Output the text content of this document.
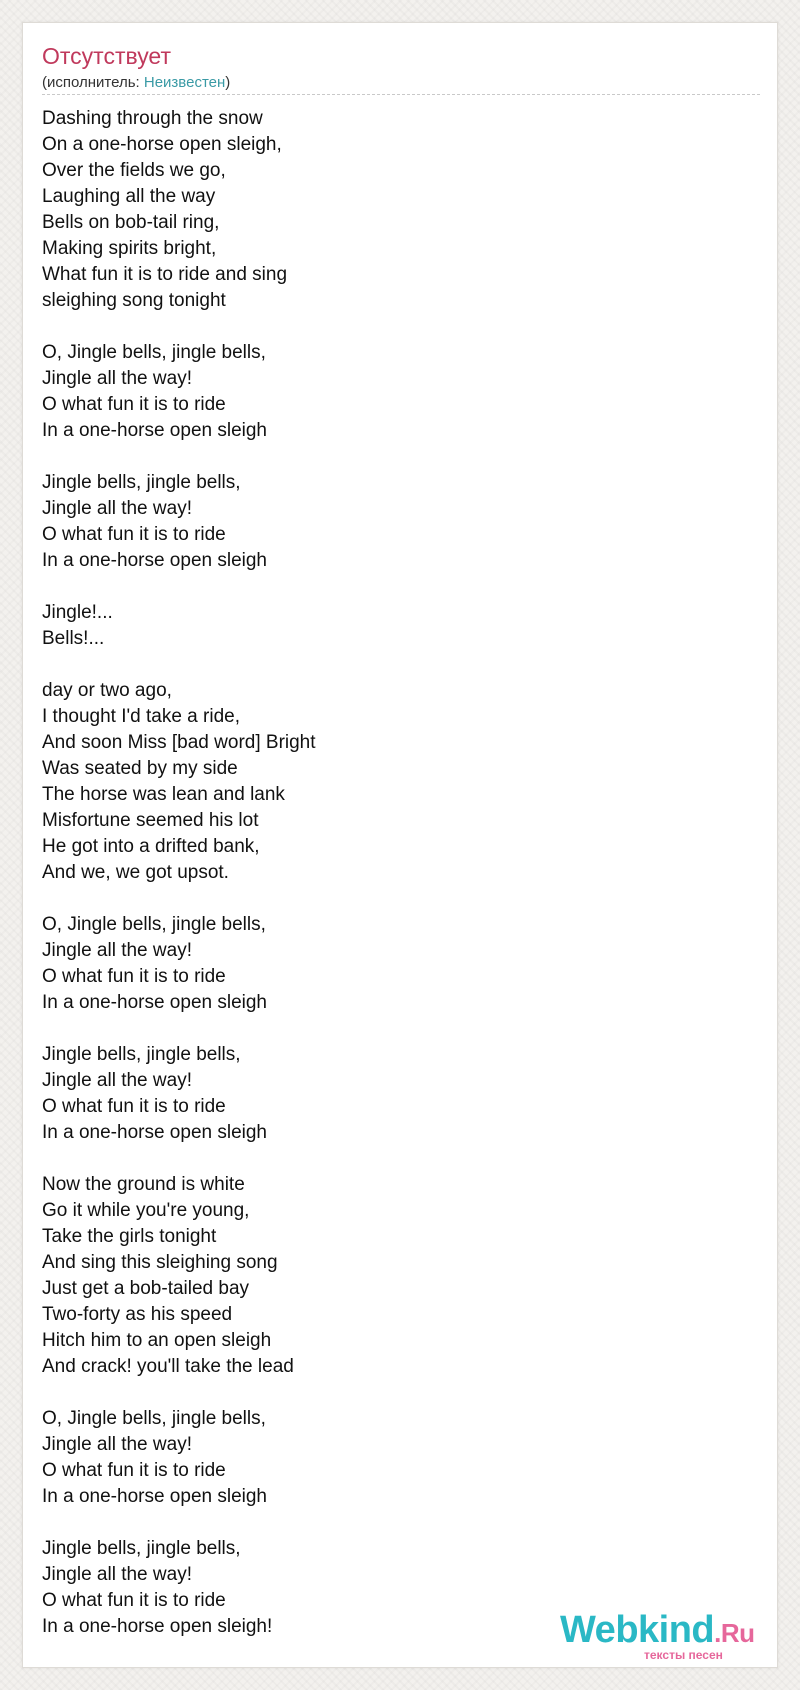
Отсутствует
(исполнитель: Неизвестен)
Dashing through the snow
On a one-horse open sleigh,
Over the fields we go,
Laughing all the way
Bells on bob-tail ring,
Making spirits bright,
What fun it is to ride and sing
sleighing song tonight
O, Jingle bells, jingle bells,
Jingle all the way!
O what fun it is to ride
In a one-horse open sleigh
Jingle bells, jingle bells,
Jingle all the way!
O what fun it is to ride
In a one-horse open sleigh
Jingle!...
Bells!...
day or two ago,
I thought I'd take a ride,
And soon Miss [bad word] Bright
Was seated by my side
The horse was lean and lank
Misfortune seemed his lot
He got into a drifted bank,
And we, we got upsot.
O, Jingle bells, jingle bells,
Jingle all the way!
O what fun it is to ride
In a one-horse open sleigh
Jingle bells, jingle bells,
Jingle all the way!
O what fun it is to ride
In a one-horse open sleigh
Now the ground is white
Go it while you're young,
Take the girls tonight
And sing this sleighing song
Just get a bob-tailed bay
Two-forty as his speed
Hitch him to an open sleigh
And crack! you'll take the lead
O, Jingle bells, jingle bells,
Jingle all the way!
O what fun it is to ride
In a one-horse open sleigh
Jingle bells, jingle bells,
Jingle all the way!
O what fun it is to ride
In a one-horse open sleigh!	Webkind.Ru
тексты песен
